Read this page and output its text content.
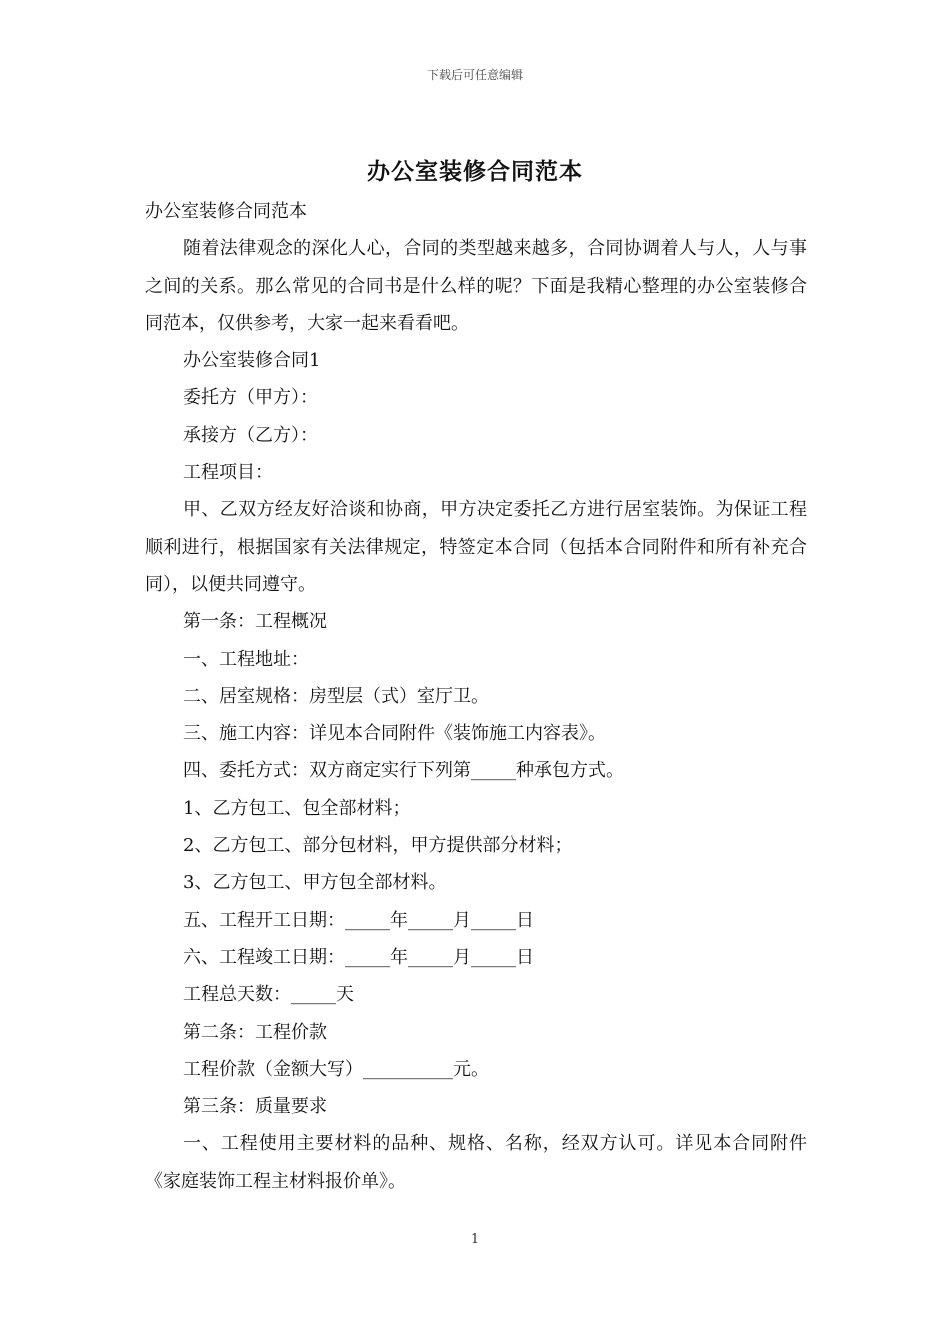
下载后可任意编辑
办公室装修合同范本

办公室装修合同范本

随着法律观念的深化人心，合同的类型越来越多，合同协调着人与人，人与事之间的关系。那么常见的合同书是什么样的呢？下面是我精心整理的办公室装修合同范本，仅供参考，大家一起来看看吧。

办公室装修合同1

委托方（甲方）：

承接方（乙方）：

工程项目：

甲、乙双方经友好洽谈和协商，甲方决定委托乙方进行居室装饰。为保证工程顺利进行，根据国家有关法律规定，特签定本合同（包括本合同附件和所有补充合同），以便共同遵守。

第一条：工程概况

一、工程地址：

二、居室规格：房型层（式）室厅卫。

三、施工内容：详见本合同附件《装饰施工内容表》。

四、委托方式：双方商定实行下列第_____种承包方式。

1、乙方包工、包全部材料；

2、乙方包工、部分包材料，甲方提供部分材料；

3、乙方包工、甲方包全部材料。

五、工程开工日期：_____年_____月_____日

六、工程竣工日期：_____年_____月_____日

工程总天数：_____天

第二条：工程价款

工程价款（金额大写）__________元。

第三条：质量要求

一、工程使用主要材料的品种、规格、名称，经双方认可。详见本合同附件《家庭装饰工程主材料报价单》。

1
